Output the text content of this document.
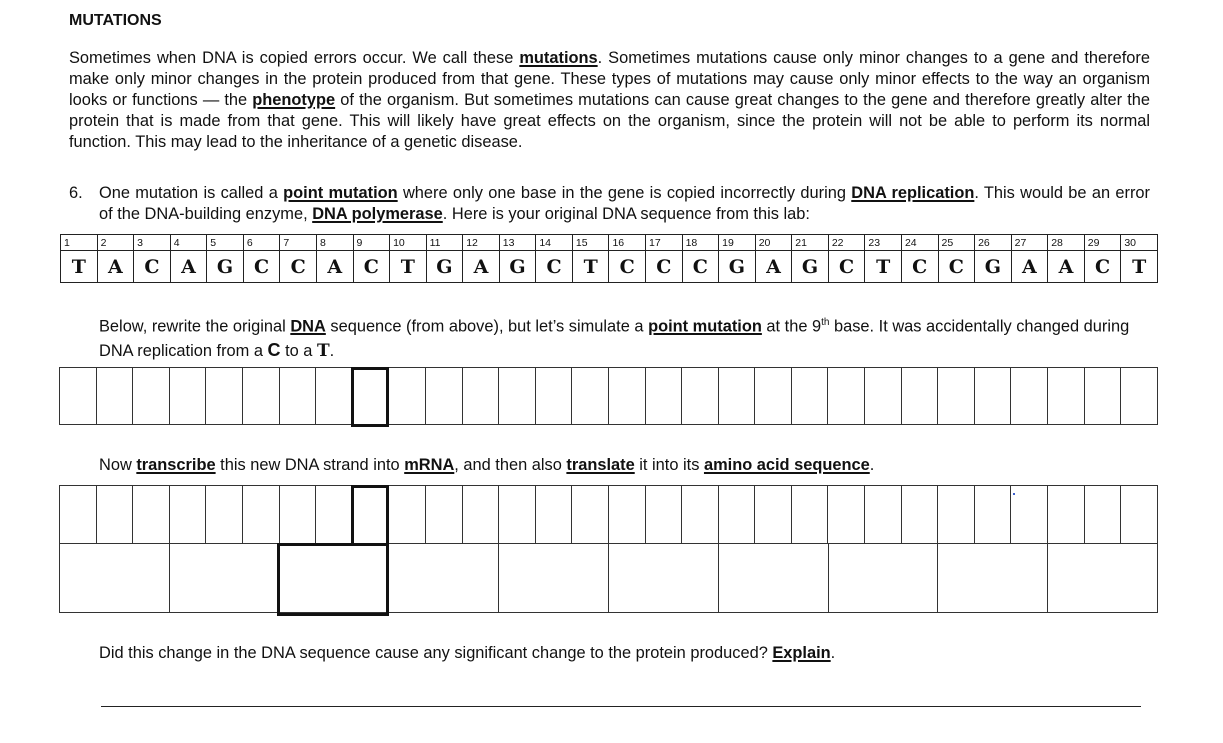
MUTATIONS
Sometimes when DNA is copied errors occur. We call these mutations. Sometimes mutations cause only minor changes to a gene and therefore make only minor changes in the protein produced from that gene. These types of mutations may cause only minor effects to the way an organism looks or functions — the phenotype of the organism. But sometimes mutations can cause great changes to the gene and therefore greatly alter the protein that is made from that gene. This will likely have great effects on the organism, since the protein will not be able to perform its normal function. This may lead to the inheritance of a genetic disease.
6. One mutation is called a point mutation where only one base in the gene is copied incorrectly during DNA replication. This would be an error of the DNA-building enzyme, DNA polymerase. Here is your original DNA sequence from this lab:
1	2	3	4	5	6	7	8	9	10	11	12	13	14	15	16	17	18	19	20	21	22	23	24	25	26	27	28	29	30
T	A	C	A	G	C	C	A	C	T	G	A	G	C	T	C	C	C	G	A	G	C	T	C	C	G	A	A	C	T
Below, rewrite the original DNA sequence (from above), but let’s simulate a point mutation at the 9th base. It was accidentally changed during DNA replication from a C to a T.

Now transcribe this new DNA strand into mRNA, and then also translate it into its amino acid sequence.

Did this change in the DNA sequence cause any significant change to the protein produced? Explain.
